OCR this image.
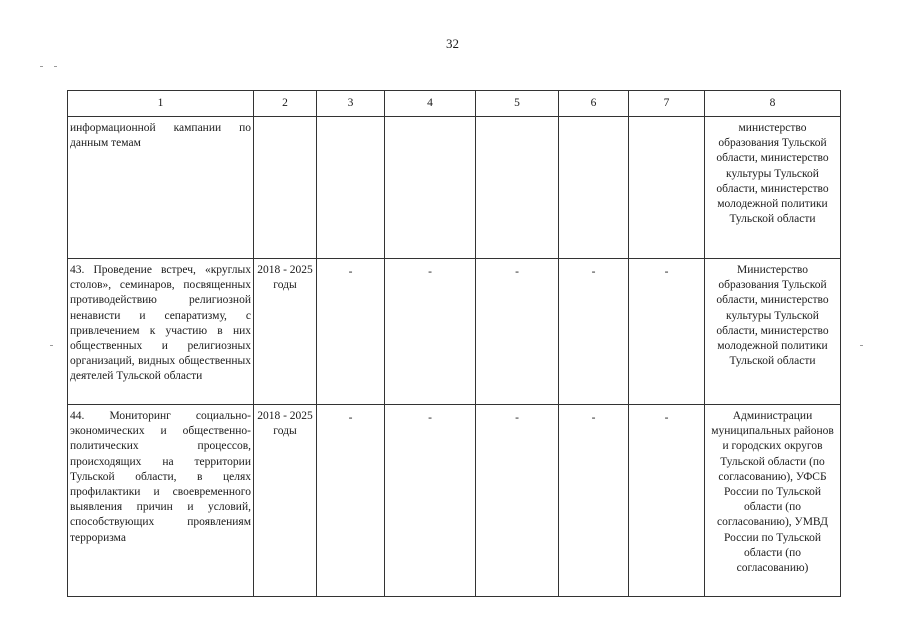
32
1	2	3	4	5	6	7	8

информационной кампании по данным темам							министерство образования Тульской области, министерство культуры Тульской области, министерство молодежной политики Тульской области

43. Проведение встреч, «круглых столов», семинаров, посвященных противодействию религиозной ненависти и сепаратизму, с привлечением к участию в них общественных и религиозных организаций, видных общественных деятелей Тульской области	2018 - 2025 годы	-	-	-	-	-	Министерство образования Тульской области, министерство культуры Тульской области, министерство молодежной политики Тульской области

44. Мониторинг социально-экономических и общественно-политических процессов, происходящих на территории Тульской области, в целях профилактики и своевременного выявления причин и условий, способствующих проявлениям терроризма	2018 - 2025 годы	-	-	-	-	-	Администрации муниципальных районов и городских округов Тульской области (по согласованию), УФСБ России по Тульской области (по согласованию), УМВД России по Тульской области (по согласованию)
